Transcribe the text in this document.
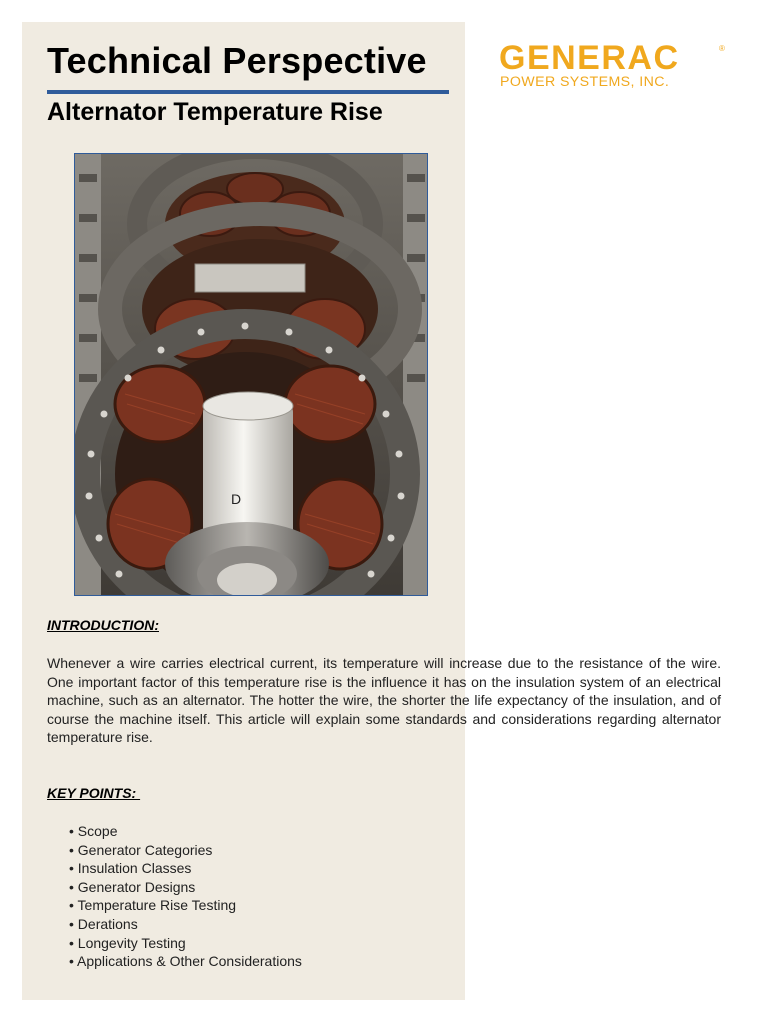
Technical Perspective
Alternator Temperature Rise
GENERAC	®
POWER SYSTEMS, INC.
D
INTRODUCTION:

Whenever a wire carries electrical current, its temperature will increase due to the resistance of the wire. One important factor of this temperature rise is the influence it has on the insulation system of an electrical machine, such as an alternator. The hotter the wire, the shorter the life expectancy of the insulation, and of course the machine itself. This article will explain some standards and considerations regarding alternator temperature rise.

KEY POINTS:
• Scope
• Generator Categories
• Insulation Classes
• Generator Designs
• Temperature Rise Testing
• Derations
• Longevity Testing
• Applications & Other Considerations
